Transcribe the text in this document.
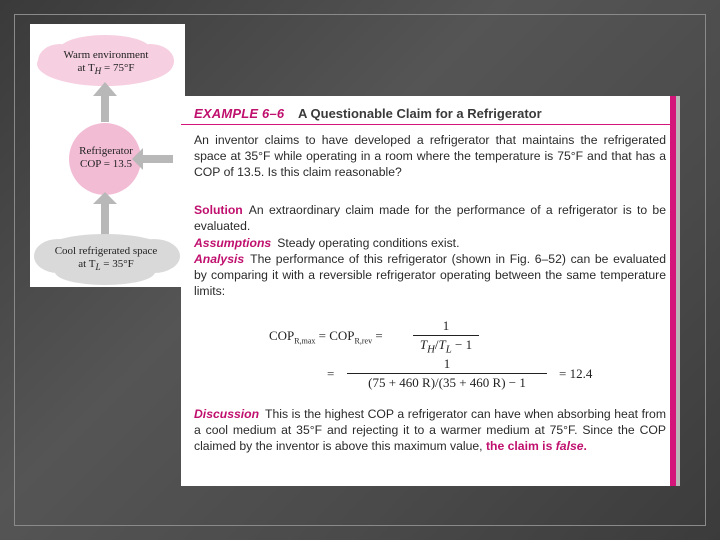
Warm environment
at $T_H = 75^\circ F$
Refrigerator
COP = 13.5
Cool refrigerated space
at $T_L = 35^\circ F$
EXAMPLE 6–6 A Questionable Claim for a Refrigerator
An inventor claims to have developed a refrigerator that maintains the refrigerated space at 35°F while operating in a room where the temperature is 75°F and that has a COP of 13.5. Is this claim reasonable?
Solution An extraordinary claim made for the performance of a refrigerator is to be evaluated.
Assumptions Steady operating conditions exist.
Analysis The performance of this refrigerator (shown in Fig. 6–52) can be evaluated by comparing it with a reversible refrigerator operating between the same temperature limits:
$COP_{R,max} = COP_{R,rev}$ =
1
$T_H/T_L - 1$
=
1
(75 + 460 R)/(35 + 460 R) − 1
= 12.4
Discussion This is the highest COP a refrigerator can have when absorbing heat from a cool medium at 35°F and rejecting it to a warmer medium at 75°F. Since the COP claimed by the inventor is above this maximum value, the claim is false.
